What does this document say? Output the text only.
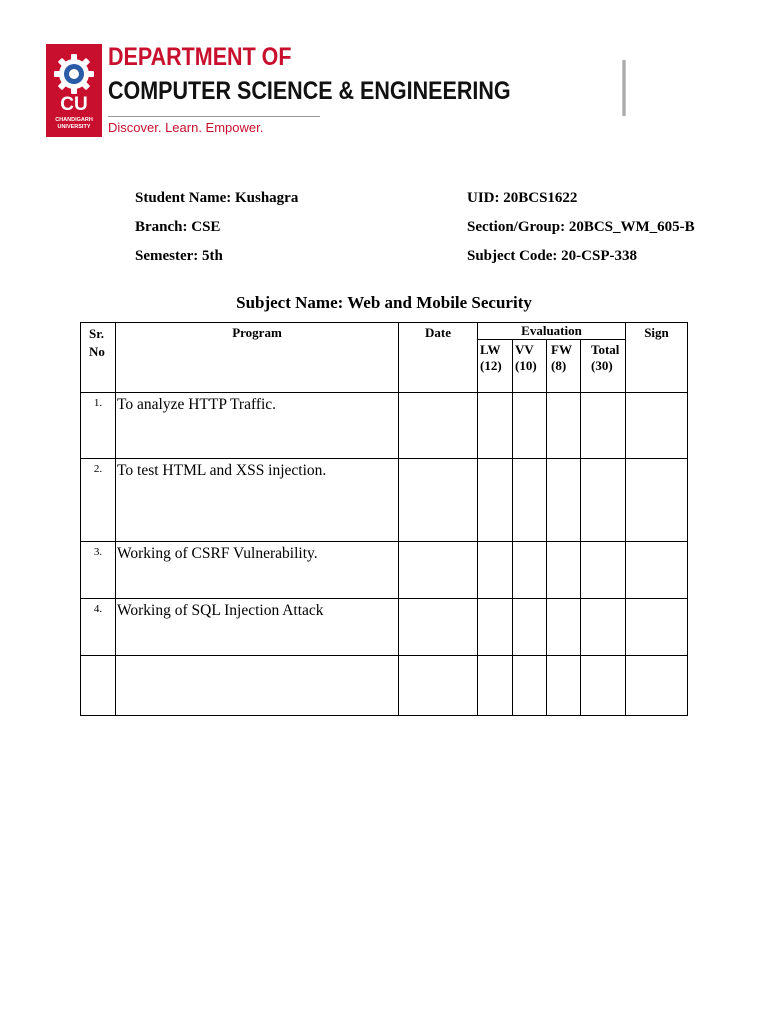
CU
CHANDIGARH UNIVERSITY
DEPARTMENT OF
COMPUTER SCIENCE & ENGINEERING
Discover. Learn. Empower.
Student Name: Kushagra	UID: 20BCS1622
Branch: CSE	Section/Group: 20BCS_WM_605-B
Semester: 5th	Subject Code: 20-CSP-338
Subject Name: Web and Mobile Security
Sr. No	Program	Date	Evaluation				Sign
			LW (12)	VV (10)	FW (8)	Total (30)	
1.	To analyze HTTP Traffic.						
2.	To test HTML and XSS injection.						
3.	Working of CSRF Vulnerability.						
4.	Working of SQL Injection Attack						
